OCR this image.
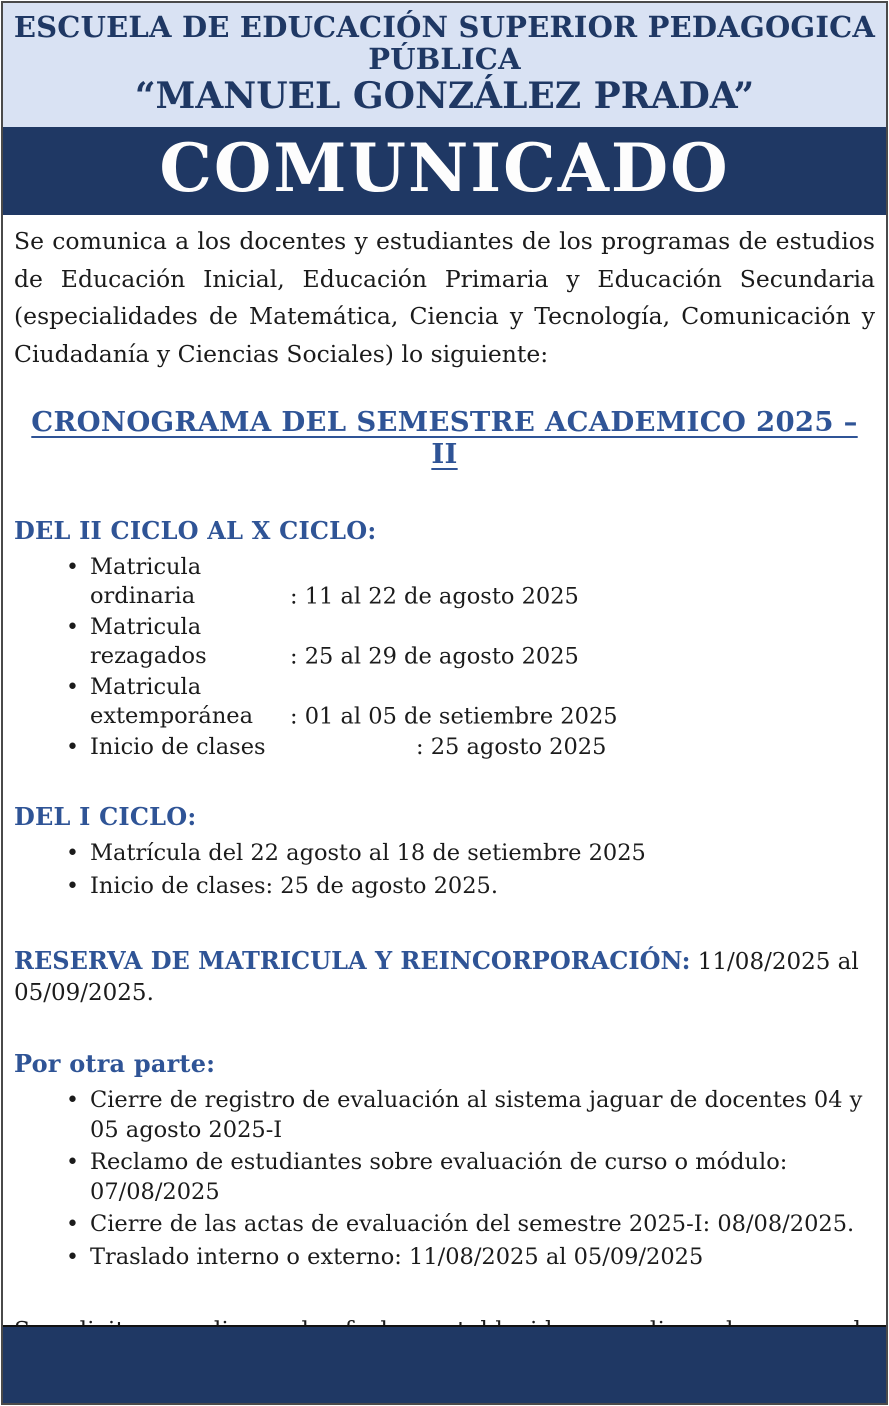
ESCUELA DE EDUCACIÓN SUPERIOR PEDAGOGICA PÚBLICA
“MANUEL GONZÁLEZ PRADA”
COMUNICADO

Se comunica a los docentes y estudiantes de los programas de estudios de Educación Inicial, Educación Primaria y Educación Secundaria (especialidades de Matemática, Ciencia y Tecnología, Comunicación y Ciudadanía y Ciencias Sociales) lo siguiente:

CRONOGRAMA DEL SEMESTRE ACADEMICO 2025 – II
DEL II CICLO AL X CICLO:
• Matricula ordinaria	: 11 al 22 de agosto 2025
• Matricula rezagados	: 25 al 29 de agosto 2025
• Matricula extemporánea : 01 al 05 de setiembre 2025
• Inicio de clases	: 25 agosto 2025
DEL I CICLO:
• Matrícula del 22 agosto al 18 de setiembre 2025
• Inicio de clases: 25 de agosto 2025.

RESERVA DE MATRICULA Y REINCORPORACIÓN: 11/08/2025 al 05/09/2025.

Por otra parte:
• Cierre de registro de evaluación al sistema jaguar de docentes 04 y 05 agosto 2025-I
• Reclamo de estudiantes sobre evaluación de curso o módulo: 07/08/2025
• Cierre de las actas de evaluación del semestre 2025-I: 08/08/2025.
• Traslado interno o externo: 11/08/2025 al 05/09/2025
